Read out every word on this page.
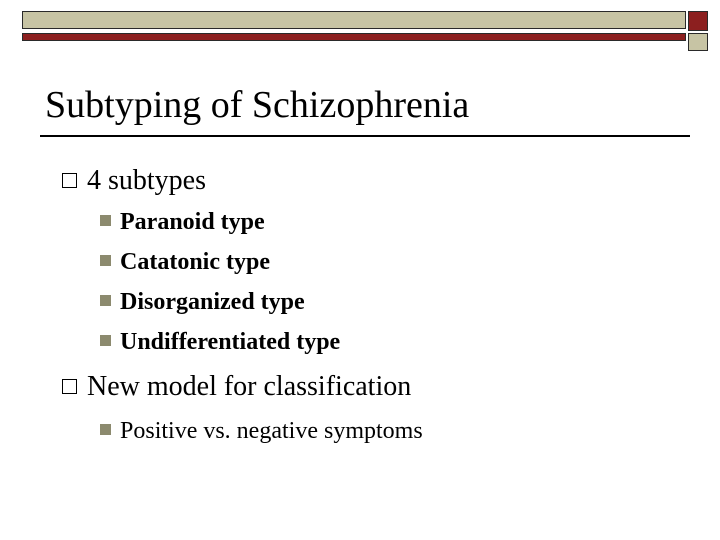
Subtyping of Schizophrenia
4 subtypes
Paranoid type
Catatonic type
Disorganized type
Undifferentiated type
New model for classification
Positive vs. negative symptoms
